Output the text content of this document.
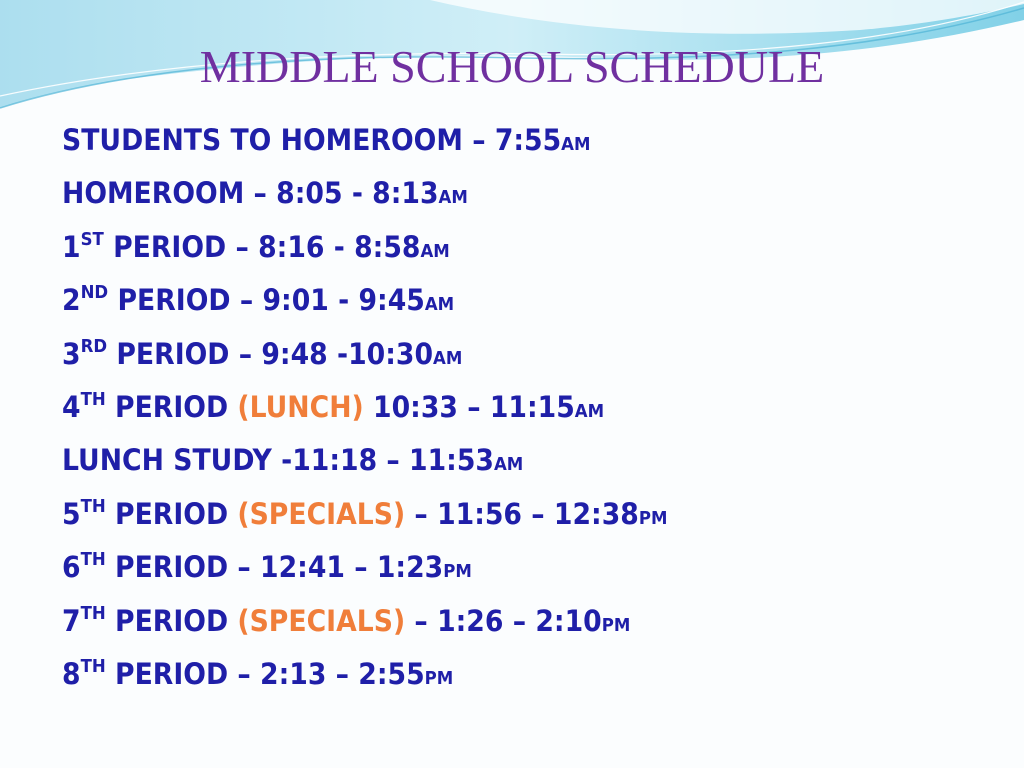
MIDDLE SCHOOL SCHEDULE
STUDENTS TO HOMEROOM – 7:55AM
HOMEROOM – 8:05 - 8:13AM
1ST PERIOD – 8:16 - 8:58AM
2ND PERIOD – 9:01 - 9:45AM
3RD PERIOD – 9:48 -10:30AM
4TH PERIOD (LUNCH) 10:33 – 11:15AM
LUNCH STUDY -11:18 – 11:53AM
5TH PERIOD (SPECIALS) – 11:56 – 12:38PM
6TH PERIOD – 12:41 – 1:23PM
7TH PERIOD (SPECIALS) – 1:26 – 2:10PM
8TH PERIOD – 2:13 – 2:55PM
